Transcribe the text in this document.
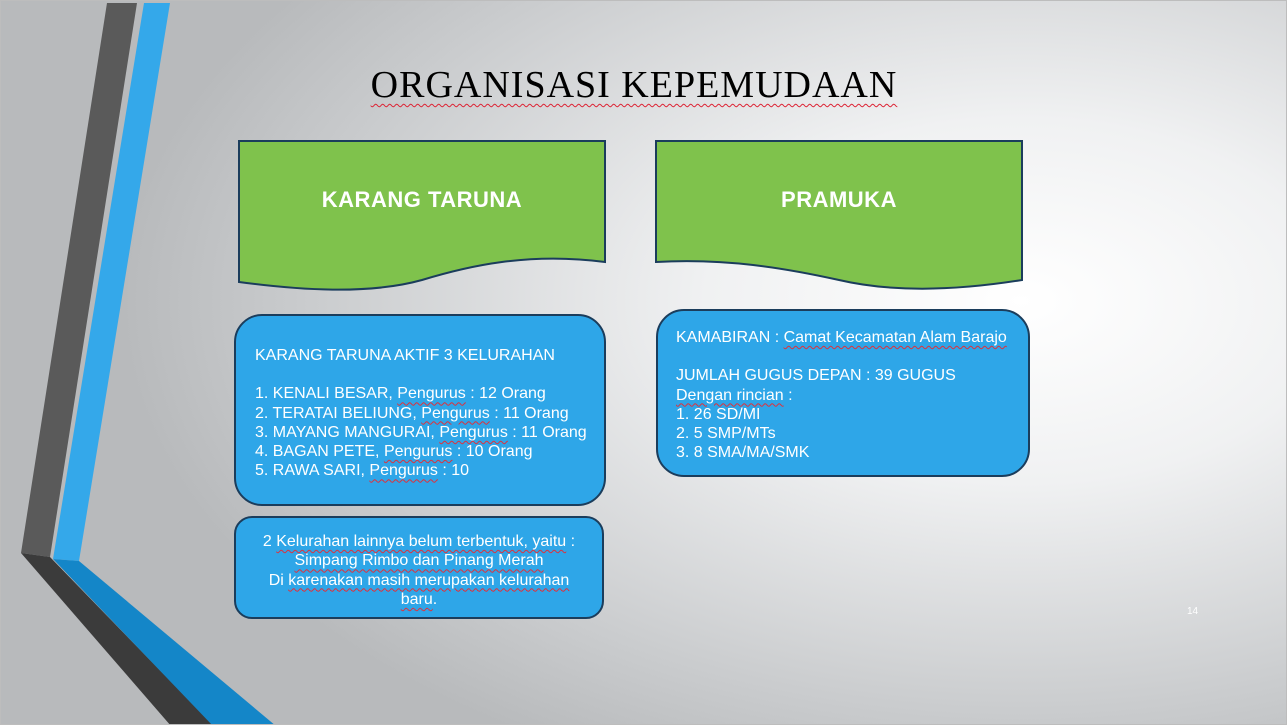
ORGANISASI KEPEMUDAAN
KARANG TARUNA	PRAMUKA
KARANG TARUNA AKTIF 3 KELURAHAN
1. KENALI BESAR, Pengurus : 12 Orang
2. TERATAI BELIUNG, Pengurus : 11 Orang
3. MAYANG MANGURAI, Pengurus : 11 Orang
4. BAGAN PETE, Pengurus : 10 Orang
5. RAWA SARI, Pengurus : 10
2 Kelurahan lainnya belum terbentuk, yaitu :
Simpang Rimbo dan Pinang Merah
Di karenakan masih merupakan kelurahan
baru.
KAMABIRAN : Camat Kecamatan Alam Barajo
JUMLAH GUGUS DEPAN : 39 GUGUS
Dengan rincian :
1. 26 SD/MI
2. 5 SMP/MTs
3. 8 SMA/MA/SMK
14
